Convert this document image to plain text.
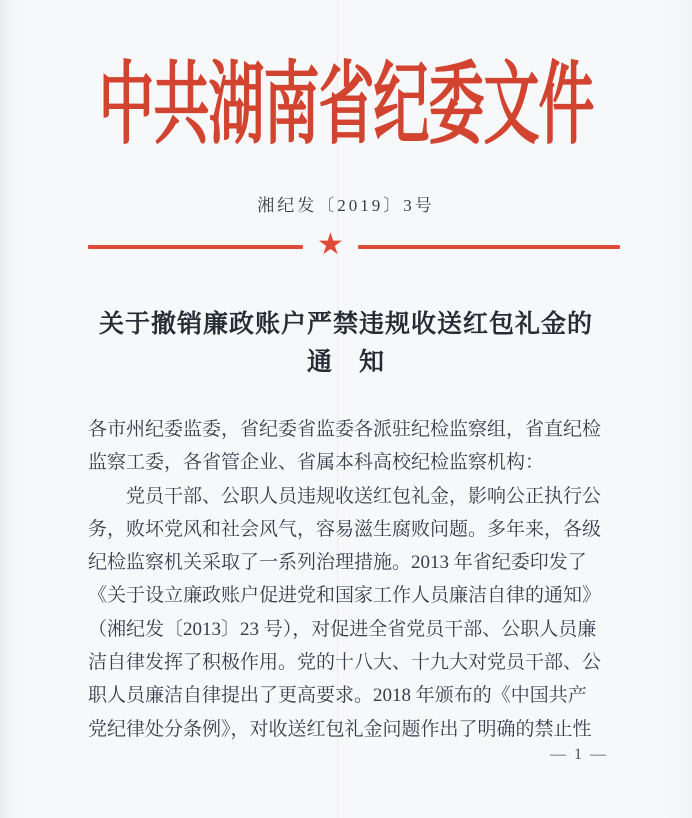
中共湖南省纪委文件
湘纪发〔2019〕3号
★
关于撤销廉政账户严禁违规收送红包礼金的
通　知
各市州纪委监委，省纪委省监委各派驻纪检监察组，省直纪检
监察工委，各省管企业、省属本科高校纪检监察机构：
党员干部、公职人员违规收送红包礼金，影响公正执行公
务，败坏党风和社会风气，容易滋生腐败问题。多年来，各级
纪检监察机关采取了一系列治理措施。2013 年省纪委印发了
《关于设立廉政账户促进党和国家工作人员廉洁自律的通知》
（湘纪发〔2013〕23 号），对促进全省党员干部、公职人员廉
洁自律发挥了积极作用。党的十八大、十九大对党员干部、公
职人员廉洁自律提出了更高要求。2018 年颁布的《中国共产
党纪律处分条例》，对收送红包礼金问题作出了明确的禁止性
— 1 —
